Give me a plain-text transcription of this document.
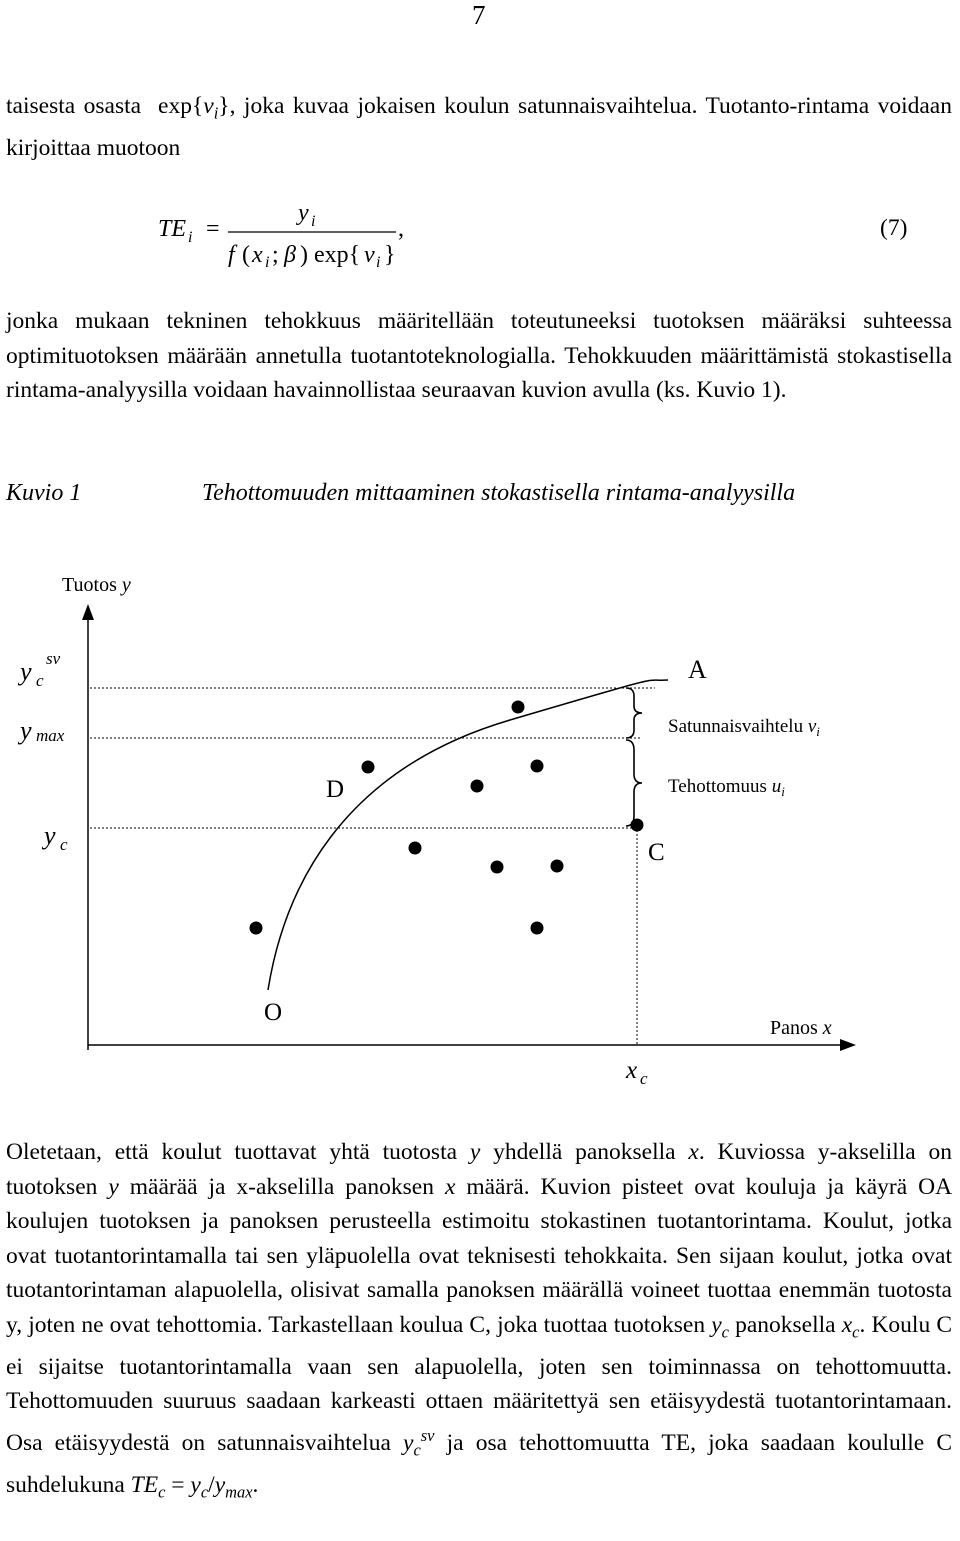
7

taisesta osasta  $\exp\{v_i\}$, joka kuvaa jokaisen koulun satunnaisvaihtelua. Tuotanto-rintama voidaan kirjoittaa muotoon

TE i =
y i
f ( x i ; β ) exp{ v i }
,	(7)

jonka mukaan tekninen tehokkuus määritellään toteutuneeksi tuotoksen määräksi suhteessa optimituotoksen määrään annetulla tuotantoteknologialla. Tehokkuuden määrittämistä stokastisella rintama-analyysilla voidaan havainnollistaa seuraavan kuvion avulla (ks. Kuvio 1).

Kuvio 1	Tehottomuuden mittaaminen stokastisella rintama-analyysilla
Tuotos y
Panos x
y c
sv
y max
y c
A
D
C
O
x c
Satunnaisvaihtelu $v_i$
Tehottomuus $u_i$

Oletetaan, että koulut tuottavat yhtä tuotosta y yhdellä panoksella x. Kuviossa y-akselilla on tuotoksen y määrää ja x-akselilla panoksen x määrä. Kuvion pisteet ovat kouluja ja käyrä OA koulujen tuotoksen ja panoksen perusteella estimoitu stokastinen tuotantorintama. Koulut, jotka ovat tuotantorintamalla tai sen yläpuolella ovat teknisesti tehokkaita. Sen sijaan koulut, jotka ovat tuotantorintaman alapuolella, olisivat samalla panoksen määrällä voineet tuottaa enemmän tuotosta y, joten ne ovat tehottomia. Tarkastellaan koulua C, joka tuottaa tuotoksen $y_c$ panoksella $x_c$. Koulu C ei sijaitse tuotantorintamalla vaan sen alapuolella, joten sen toiminnassa on tehottomuutta. Tehottomuuden suuruus saadaan karkeasti ottaen määritettyä sen etäisyydestä tuotantorintamaan. Osa etäisyydestä on satunnaisvaihtelua $y_c^{sv}$ ja osa tehottomuutta TE, joka saadaan koululle C suhdelukuna $TE_c = y_c/y_{max}$.
